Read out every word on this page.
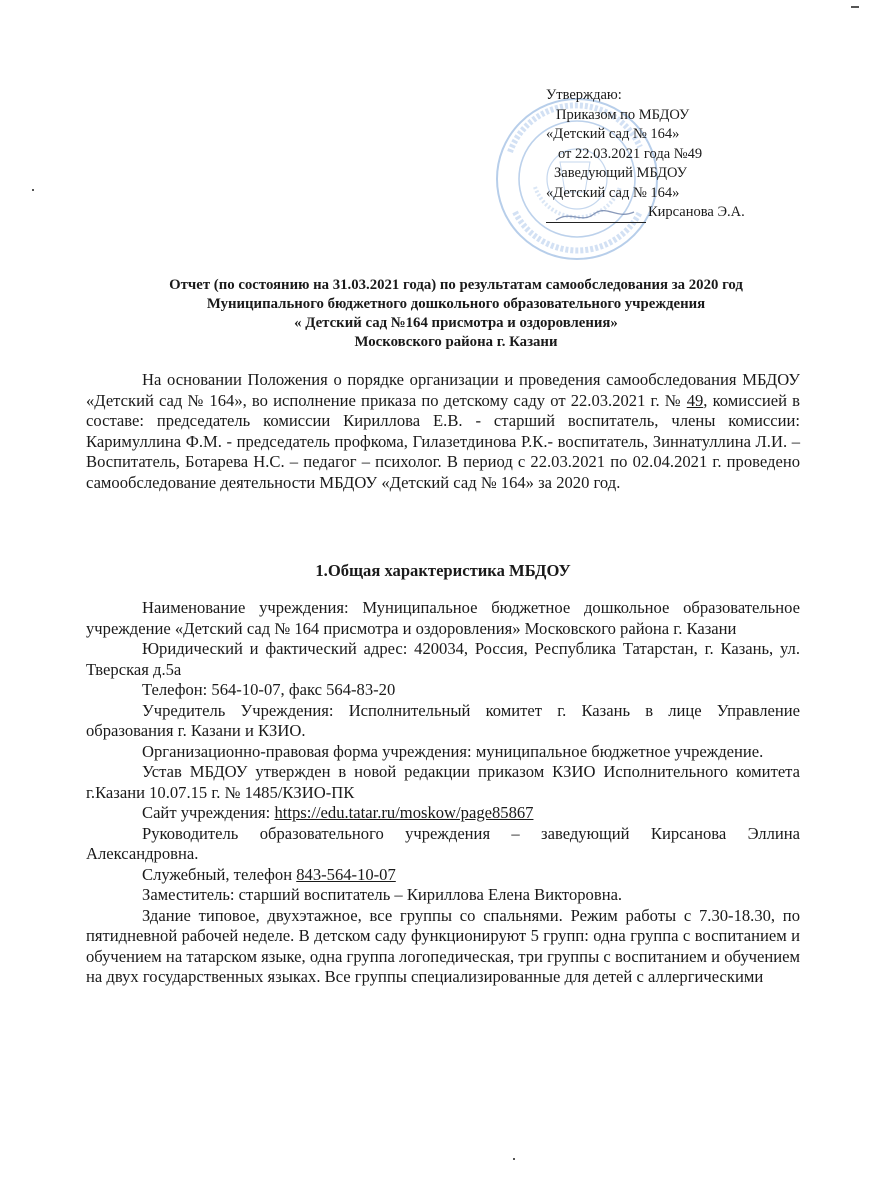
Утверждаю:
Приказом по МБДОУ
«Детский сад № 164»
от 22.03.2021 года №49
Заведующий МБДОУ
«Детский сад № 164»
Кирсанова Э.А.
Отчет (по состоянию на 31.03.2021 года) по результатам самообследования за 2020 год
Муниципального бюджетного дошкольного образовательного учреждения
« Детский сад №164 присмотра и оздоровления»
Московского района г. Казани

На основании Положения о порядке организации и проведения самообследования МБДОУ «Детский сад № 164», во исполнение приказа по детскому саду от 22.03.2021 г. № 49, комиссией в составе: председатель комиссии Кириллова Е.В. - старший воспитатель, члены комиссии: Каримуллина Ф.М. - председатель профкома, Гилазетдинова Р.К.- воспитатель, Зиннатуллина Л.И. – Воспитатель, Ботарева Н.С. – педагог – психолог. В период с 22.03.2021 по 02.04.2021 г. проведено самообследование деятельности МБДОУ «Детский сад № 164» за 2020 год.

1.Общая характеристика МБДОУ

Наименование учреждения: Муниципальное бюджетное дошкольное образовательное учреждение «Детский сад № 164 присмотра и оздоровления» Московского района г. Казани

Юридический и фактический адрес: 420034, Россия, Республика Татарстан, г. Казань, ул. Тверская д.5а

Телефон: 564-10-07, факс 564-83-20

Учредитель Учреждения: Исполнительный комитет г. Казань в лице Управление образования г. Казани и КЗИО.

Организационно-правовая форма учреждения: муниципальное бюджетное учреждение.

Устав МБДОУ утвержден в новой редакции приказом КЗИО Исполнительного комитета г.Казани 10.07.15 г. № 1485/КЗИО-ПК

Сайт учреждения: https://edu.tatar.ru/moskow/page85867

Руководитель образовательного учреждения – заведующий Кирсанова Эллина Александровна.

Служебный, телефон 843-564-10-07

Заместитель: старший воспитатель – Кириллова Елена Викторовна.

Здание типовое, двухэтажное, все группы со спальнями. Режим работы с 7.30-18.30, по пятидневной рабочей неделе. В детском саду функционируют 5 групп: одна группа с воспитанием и обучением на татарском языке, одна группа логопедическая, три группы с воспитанием и обучением на двух государственных языках. Все группы специализированные для детей с аллергическими
